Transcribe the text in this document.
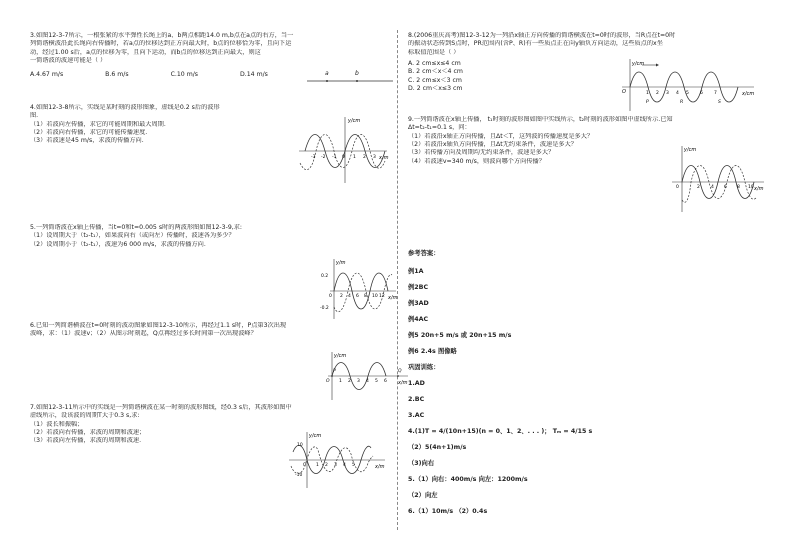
3.如图12-3-7所示，一根张紧的水平弹性长绳上的a、b两点相距14.0 m,b点在a点的右方，当一

列简谐横波沿此长绳向右传播时，若a点的位移达到正方向最大时，b点的位移恰为零，且向下运

动，经过1.00 s后，a点的位移为零，且向下运动，而b点的位移达到正向最大，则这

一简谐波的波速可能是（ ）

A.4.67 m/s	B.6 m/s	C.10 m/s	D.14 m/s	a	b

4.如图12-3-8所示，实线是某时刻的波形图象，虚线是0.2 s后的波形

图.

（1）若波向左传播，求它的可能周期和最大周期.

（2）若波向右传播，求它的可能传播速度.

（3）若波速是45 m/s，求波的传播方向.

y/cm
x/m
-3 -2 -1 0 1 2 3

5.一列简谐波在x轴上传播，当t=0和t=0.005 s时的两波形图如图12-3-9,求:

（1）设周期大于（t₂-t₁），如果波向右（或向左）传播时，波速各为多少？

（2）设周期小于（t₂-t₁），波速为6 000 m/s，求波的传播方向.

y/m
x/m
0.2
-0.2
0 2 4 6 8 10 12

6.已知一列简谐横波在t=0时刻的波动图象如图12-3-10所示，再经过1.1 s时，P点第3次出现

波峰，求：（1）波速v；（2）从图示时刻起，Q点再经过多长时间第一次出现波峰？

y/cm
x/m
O
P	Q
1 2 3 4 5 6

7.如图12-3-11所示中的实线是一列简谐横波在某一时刻的波形图线，经0.3 s后，其波形如图中

虚线所示，设该波的周期T大于0.3 s,求:

（1）波长和振幅；

（2）若波向右传播，求波的周期和波速；

（3）若波向左传播，求波的周期和波速.

y/cm
x/m
10
-10
0 1 2 3 4 5

8.(2006重庆高考)图12-3-12为一列沿x轴正方向传播的简谐横波在t=0时的波形，当R点在t=0时

的振动状态传到S点时，PR范围内(含P、R)有一些质点正在向y轴负方向运动，这些质点的x坐

标取值范围是（ ）

A. 2 cm≤x≤4 cm

B. 2 cm＜x＜4 cm

C. 2 cm≤x＜3 cm

D. 2 cm＜x≤3 cm

y/cm
x/cm
O	1 2 3 4 5 6 7
P	R	S

9.一列简谐波在x轴上传播， t₁时刻的波形图如图中实线所示，t₂时刻的波形如图中虚线所示.已知

Δt=t₂-t₁=0.1 s，问：

（1）若波沿x轴正方向传播，且Δt＜T，这列波的传播速度是多大？

（2）若波沿x轴负方向传播，且Δt无约束条件，波速是多大？

（3）若传播方向及周期均无约束条件，波速是多大？

（4）若波速v=340 m/s，则波向哪个方向传播？

y/cm
x/m
0	2 4 6 8 10
参考答案：
例1A
例2BC
例3AD
例4AC
例5 20n+5 m/s 或 20n+15 m/s
例6 2.4s 图像略
巩固训练：
1.AD
2.BC
3.AC
4.(1)T = 4/(10n+15)(n = 0、1、2、. . . )； Tₘ = 4/15 s
（2）5(4n+1)m/s
（3)向右
5.（1）向右：400m/s 向左：1200m/s
（2）向左
6.（1）10m/s （2）0.4s
